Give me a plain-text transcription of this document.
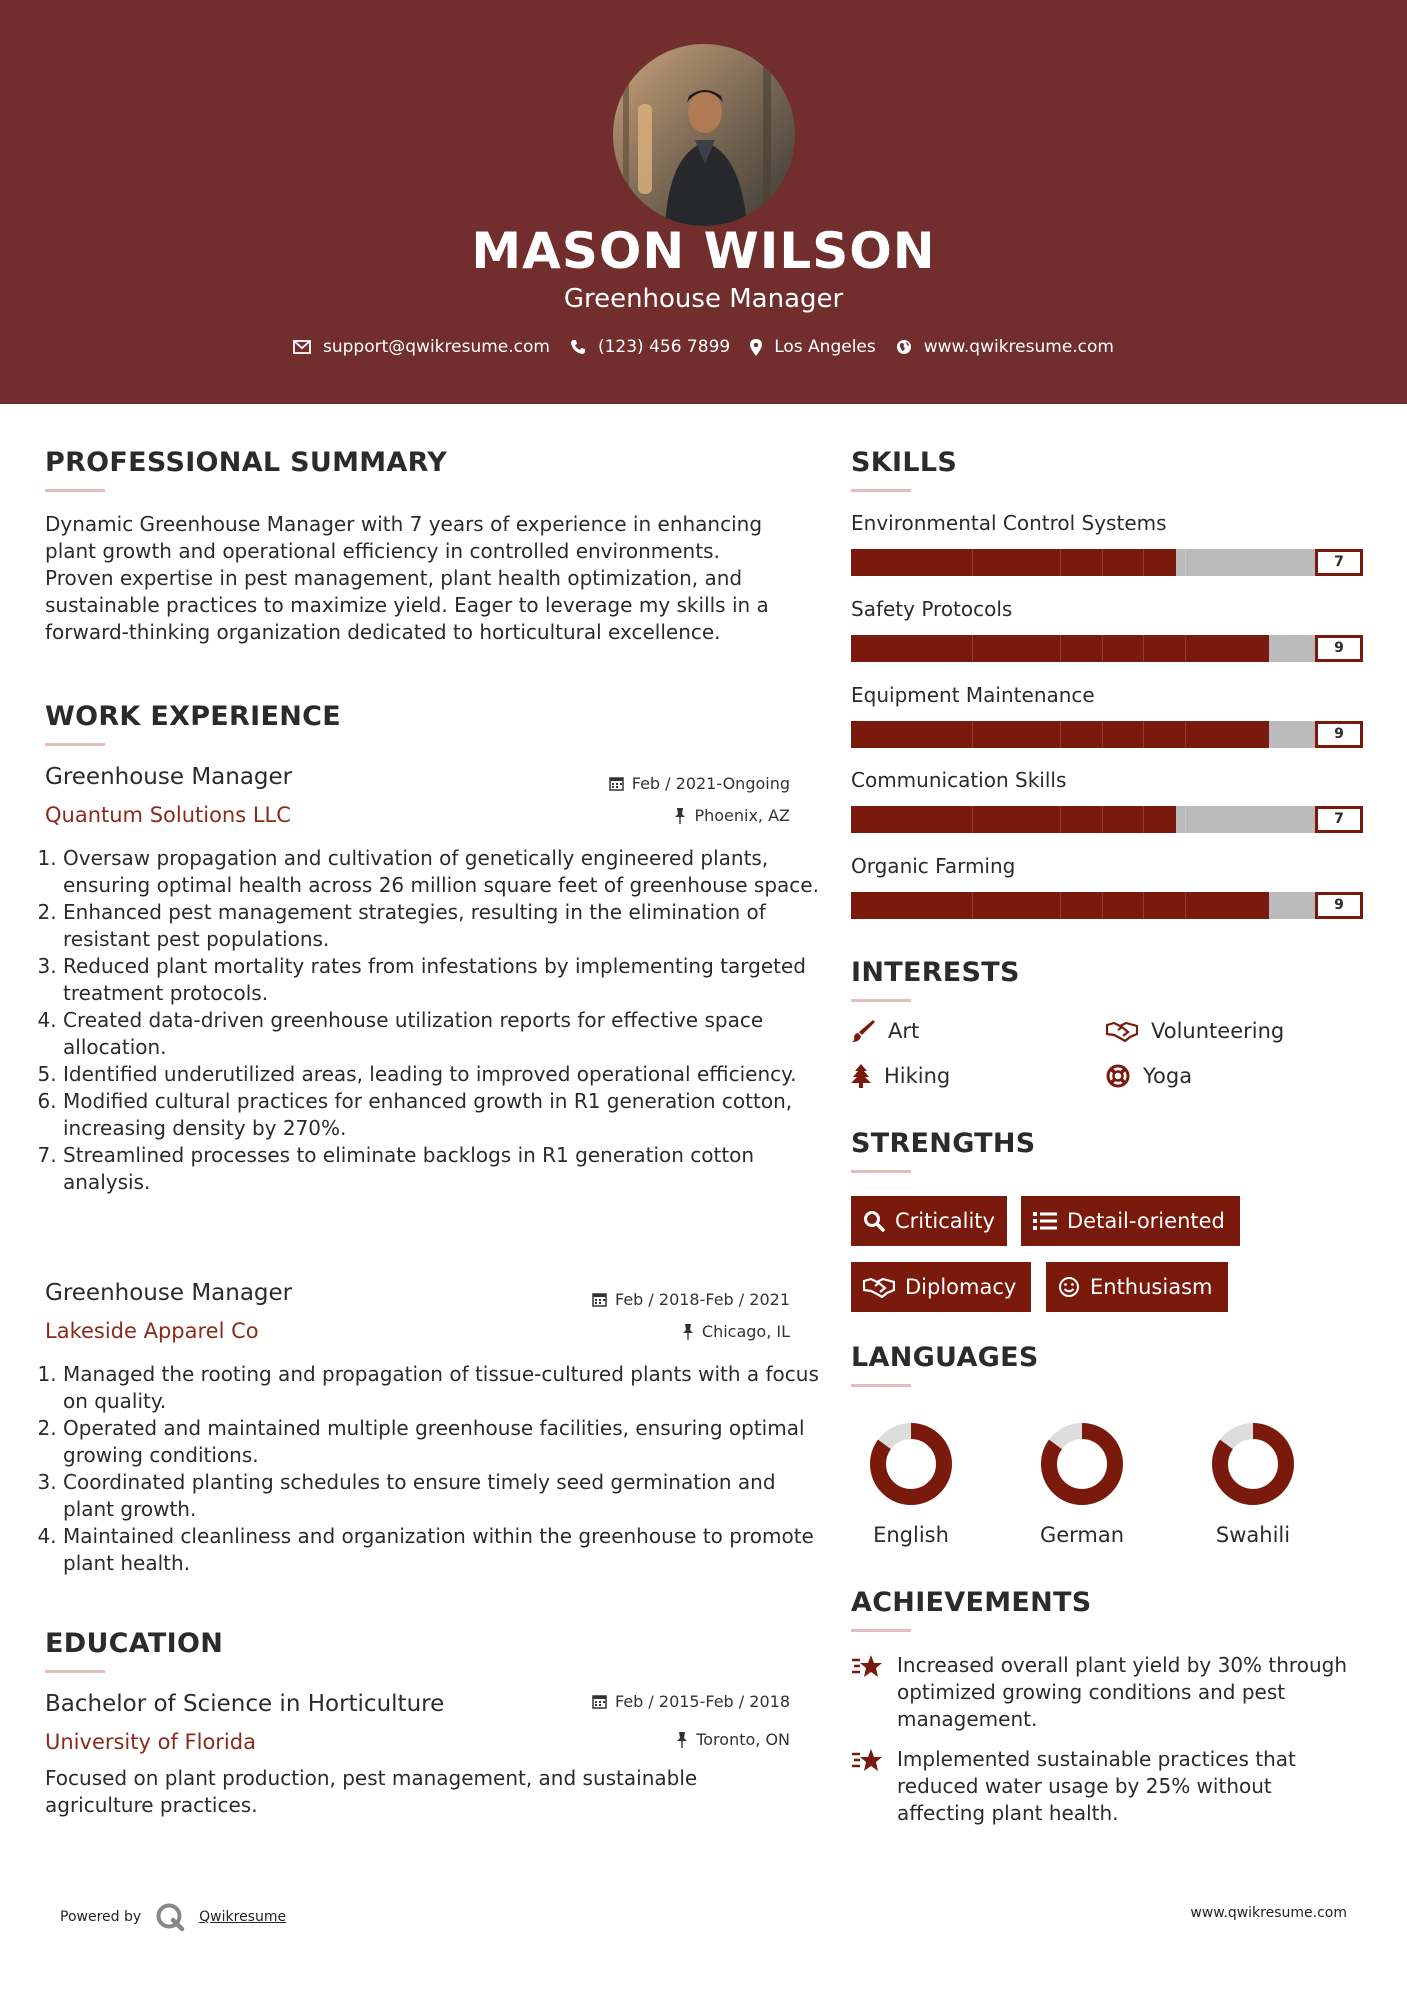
MASON WILSON
Greenhouse Manager
support@qwikresume.com	(123) 456 7899	Los Angeles	www.qwikresume.com
PROFESSIONAL SUMMARY
Dynamic Greenhouse Manager with 7 years of experience in enhancing plant growth and operational efficiency in controlled environments. Proven expertise in pest management, plant health optimization, and sustainable practices to maximize yield. Eager to leverage my skills in a forward-thinking organization dedicated to horticultural excellence.
WORK EXPERIENCE
Greenhouse Manager
Quantum Solutions LLC
Feb / 2021-Ongoing
Phoenix, AZ
1. Oversaw propagation and cultivation of genetically engineered plants, ensuring optimal health across 26 million square feet of greenhouse space.
2. Enhanced pest management strategies, resulting in the elimination of resistant pest populations.
3. Reduced plant mortality rates from infestations by implementing targeted treatment protocols.
4. Created data-driven greenhouse utilization reports for effective space allocation.
5. Identified underutilized areas, leading to improved operational efficiency.
6. Modified cultural practices for enhanced growth in R1 generation cotton, increasing density by 270%.
7. Streamlined processes to eliminate backlogs in R1 generation cotton analysis.
Greenhouse Manager
Lakeside Apparel Co
Feb / 2018-Feb / 2021
Chicago, IL
1. Managed the rooting and propagation of tissue-cultured plants with a focus on quality.
2. Operated and maintained multiple greenhouse facilities, ensuring optimal growing conditions.
3. Coordinated planting schedules to ensure timely seed germination and plant growth.
4. Maintained cleanliness and organization within the greenhouse to promote plant health.
EDUCATION
Bachelor of Science in Horticulture
University of Florida
Feb / 2015-Feb / 2018
Toronto, ON
Focused on plant production, pest management, and sustainable agriculture practices.
SKILLS
Environmental Control Systems
7
Safety Protocols
9
Equipment Maintenance
9
Communication Skills
7
Organic Farming
9
INTERESTS
Art	Volunteering
Hiking	Yoga
STRENGTHS
Criticality	Detail-oriented
Diplomacy	Enthusiasm
LANGUAGES
English	German	Swahili
ACHIEVEMENTS
Increased overall plant yield by 30% through optimized growing conditions and pest management.
Implemented sustainable practices that reduced water usage by 25% without affecting plant health.
Powered by	Qwikresume	www.qwikresume.com
